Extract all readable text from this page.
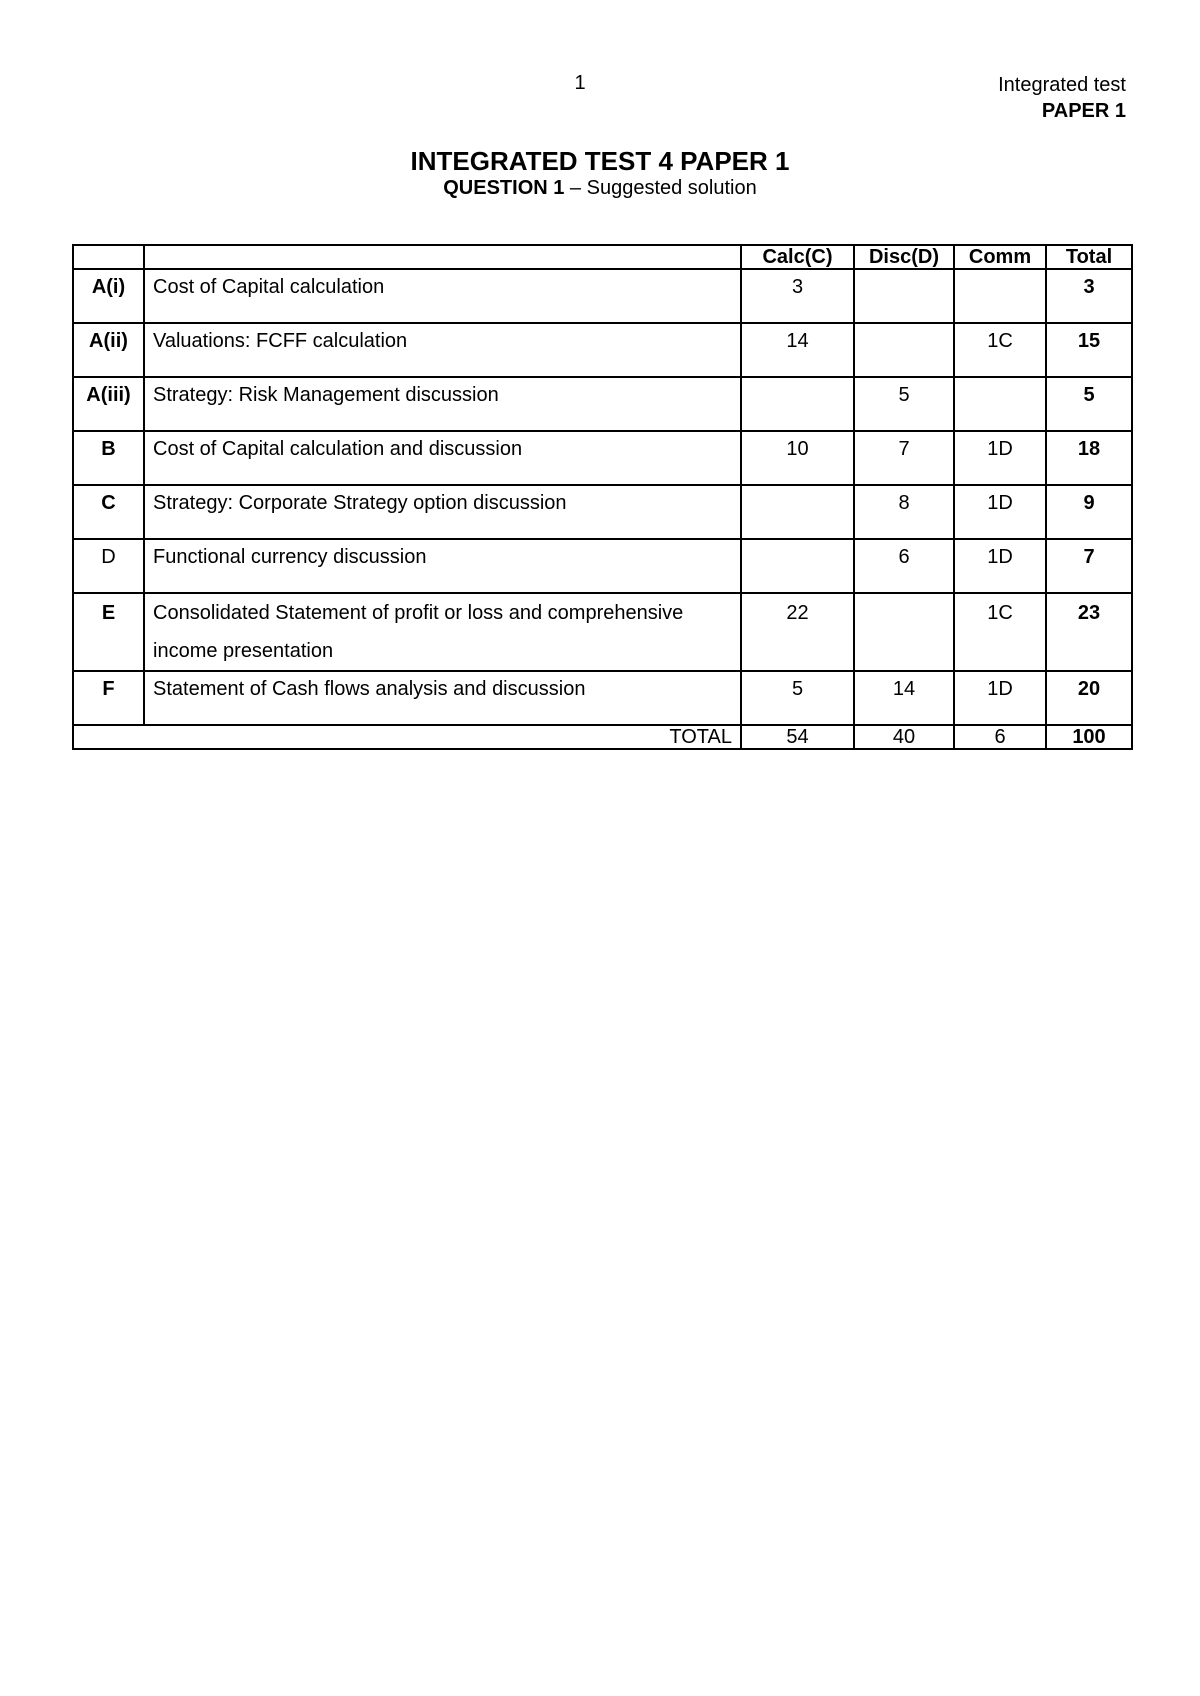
1	Integrated test
PAPER 1
INTEGRATED TEST 4 PAPER 1
QUESTION 1 – Suggested solution
		Calc(C)	Disc(D)	Comm	Total
A(i)	Cost of Capital calculation	3			3
A(ii)	Valuations: FCFF calculation	14		1C	15
A(iii)	Strategy: Risk Management discussion		5		5
B	Cost of Capital calculation and discussion	10	7	1D	18
C	Strategy: Corporate Strategy option discussion		8	1D	9
D	Functional currency discussion		6	1D	7
E	Consolidated Statement of profit or loss and comprehensive income presentation	22		1C	23
F	Statement of Cash flows analysis and discussion	5	14	1D	20
TOTAL		54	40	6	100
